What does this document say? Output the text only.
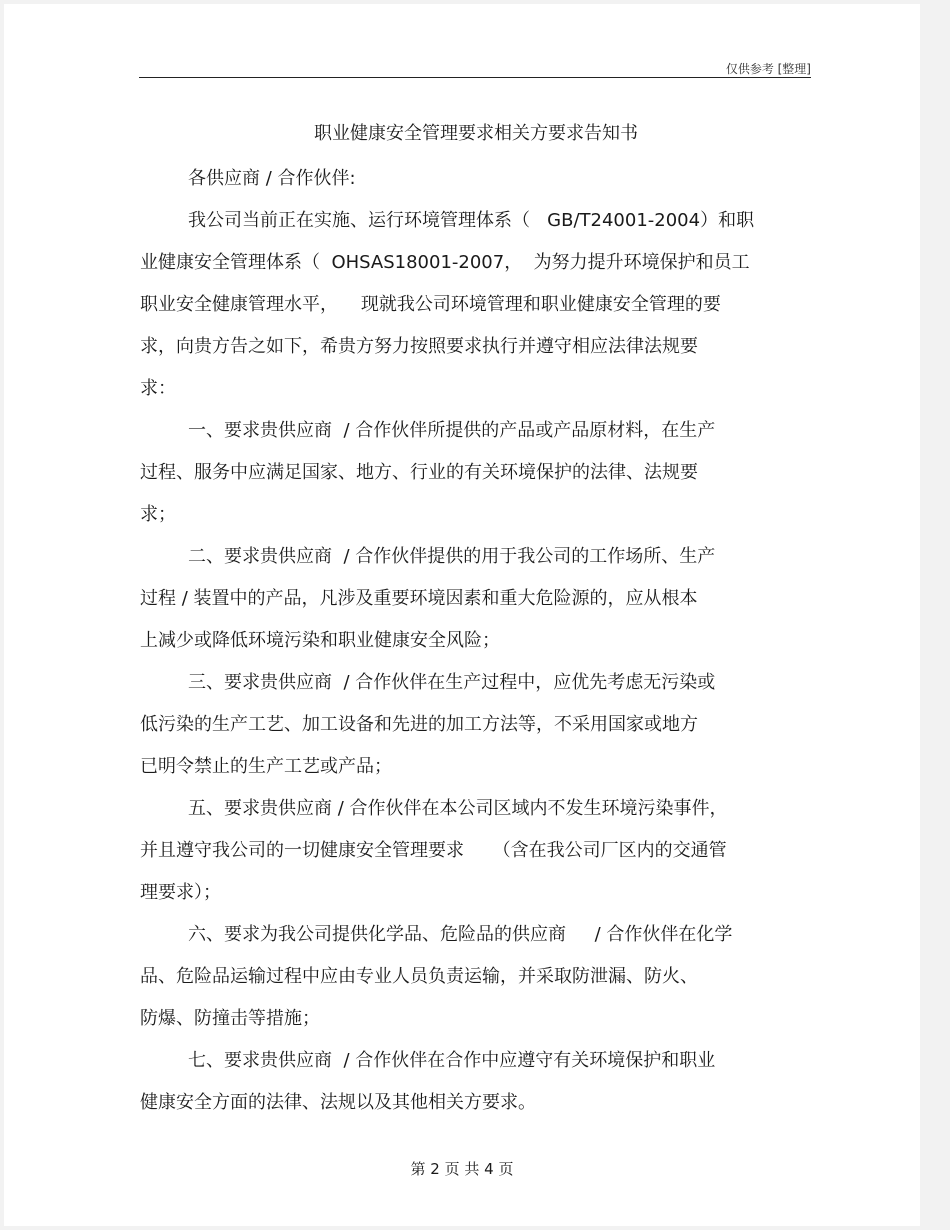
仅供参考 [整理]
职业健康安全管理要求相关方要求告知书
各供应商 / 合作伙伴:
我公司当前正在实施、运行环境管理体系（   GB/T24001-2004）和职
业健康安全管理体系（  OHSAS18001-2007，  为努力提升环境保护和员工
职业安全健康管理水平，    现就我公司环境管理和职业健康安全管理的要
求，向贵方告之如下，希贵方努力按照要求执行并遵守相应法律法规要
求：
一、要求贵供应商  / 合作伙伴所提供的产品或产品原材料，在生产
过程、服务中应满足国家、地方、行业的有关环境保护的法律、法规要
求；
二、要求贵供应商  / 合作伙伴提供的用于我公司的工作场所、生产
过程 / 装置中的产品，凡涉及重要环境因素和重大危险源的，应从根本
上减少或降低环境污染和职业健康安全风险；
三、要求贵供应商  / 合作伙伴在生产过程中，应优先考虑无污染或
低污染的生产工艺、加工设备和先进的加工方法等，不采用国家或地方
已明令禁止的生产工艺或产品；
五、要求贵供应商 / 合作伙伴在本公司区域内不发生环境污染事件，
并且遵守我公司的一切健康安全管理要求     （含在我公司厂区内的交通管
理要求）；
六、要求为我公司提供化学品、危险品的供应商     / 合作伙伴在化学
品、危险品运输过程中应由专业人员负责运输，并采取防泄漏、防火、
防爆、防撞击等措施；
七、要求贵供应商  / 合作伙伴在合作中应遵守有关环境保护和职业
健康安全方面的法律、法规以及其他相关方要求。
第 2 页 共 4 页
